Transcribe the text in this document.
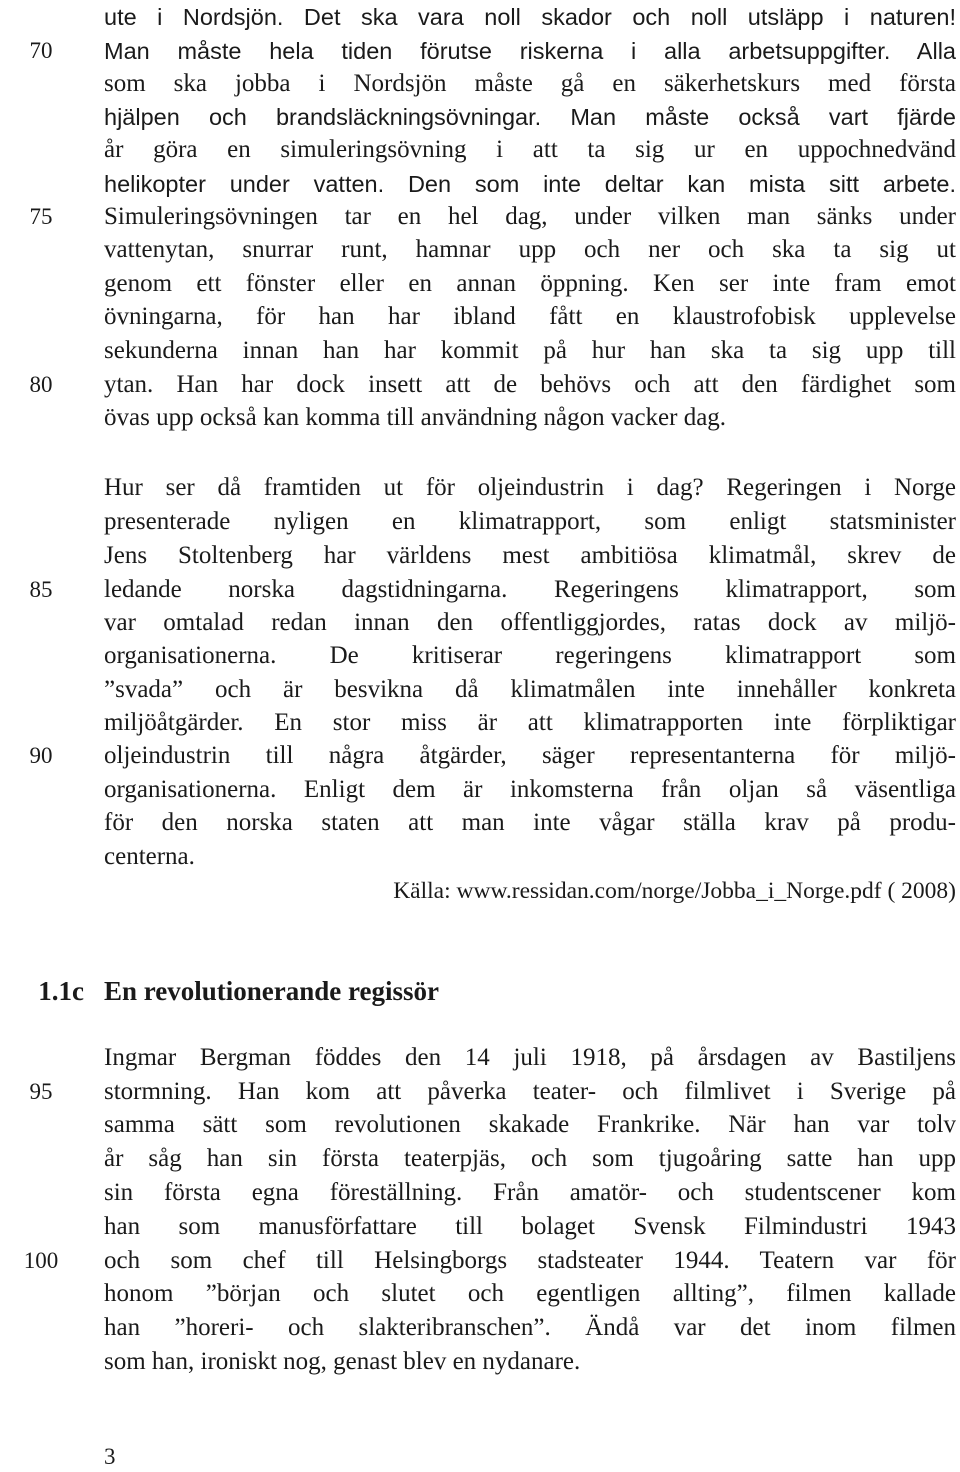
70
75
80
85
90
95
100
ute i Nordsjön. Det ska vara noll skador och noll utsläpp i naturen!
Man måste hela tiden förutse riskerna i alla arbetsuppgifter. Alla
som ska jobba i Nordsjön måste gå en säkerhetskurs med första
hjälpen och brandsläckningsövningar. Man måste också vart fjärde
år göra en simuleringsövning i att ta sig ur en uppochnedvänd
helikopter under vatten. Den som inte deltar kan mista sitt arbete.
Simuleringsövningen tar en hel dag, under vilken man sänks under
vattenytan, snurrar runt, hamnar upp och ner och ska ta sig ut
genom ett fönster eller en annan öppning. Ken ser inte fram emot
övningarna, för han har ibland fått en klaustrofobisk upplevelse
sekunderna innan han har kommit på hur han ska ta sig upp till
ytan. Han har dock insett att de behövs och att den färdighet som
övas upp också kan komma till användning någon vacker dag.
Hur ser då framtiden ut för oljeindustrin i dag? Regeringen i Norge
presenterade nyligen en klimatrapport, som enligt statsminister
Jens Stoltenberg har världens mest ambitiösa klimatmål, skrev de
ledande norska dagstidningarna. Regeringens klimatrapport, som
var omtalad redan innan den offentliggjordes, ratas dock av miljö-
organisationerna. De kritiserar regeringens klimatrapport som
”svada” och är besvikna då klimatmålen inte innehåller konkreta
miljöåtgärder. En stor miss är att klimatrapporten inte förpliktigar
oljeindustrin till några åtgärder, säger representanterna för miljö-
organisationerna. Enligt dem är inkomsterna från oljan så väsentliga
för den norska staten att man inte vågar ställa krav på produ-
centerna.
Källa: www.ressidan.com/norge/Jobba_i_Norge.pdf ( 2008)
1.1c En revolutionerande regissör
Ingmar Bergman föddes den 14 juli 1918, på årsdagen av Bastiljens
stormning. Han kom att påverka teater- och filmlivet i Sverige på
samma sätt som revolutionen skakade Frankrike. När han var tolv
år såg han sin första teaterpjäs, och som tjugoåring satte han upp
sin första egna föreställning. Från amatör- och studentscener kom
han som manusförfattare till bolaget Svensk Filmindustri 1943
och som chef till Helsingborgs stadsteater 1944. Teatern var för
honom ”början och slutet och egentligen allting”, filmen kallade
han ”horeri- och slakteribranschen”. Ändå var det inom filmen
som han, ironiskt nog, genast blev en nydanare.
3
